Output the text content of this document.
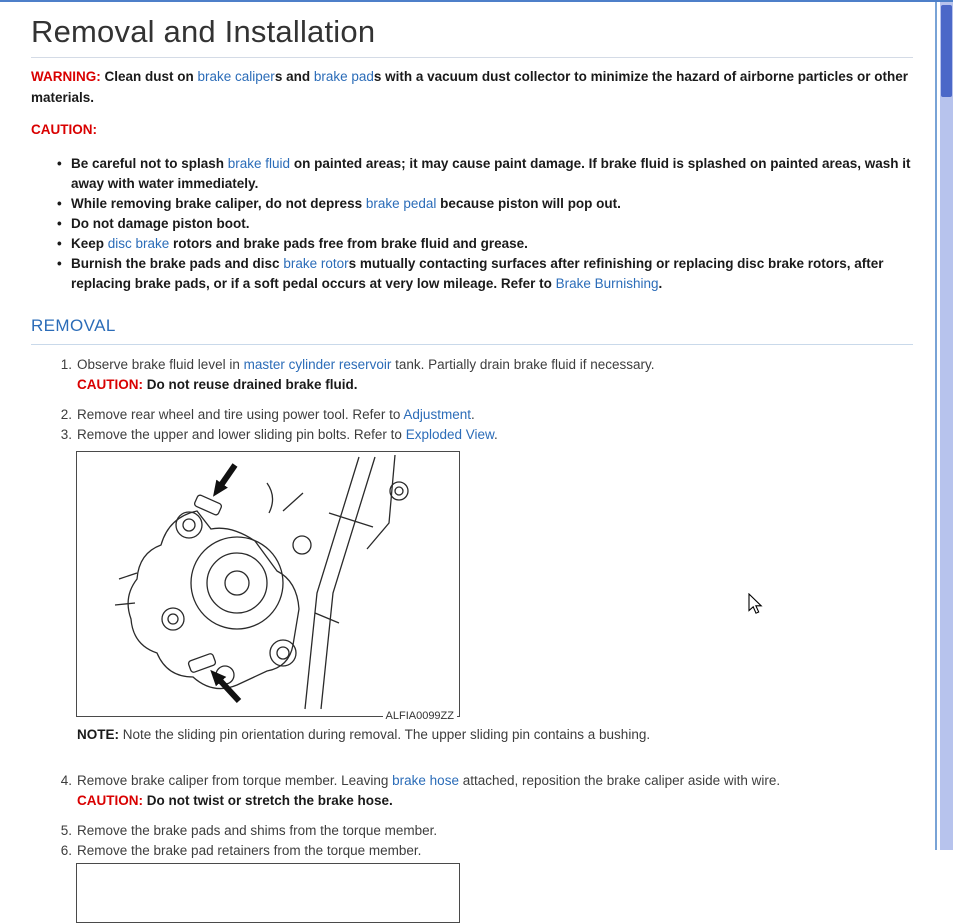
Removal and Installation

WARNING: Clean dust on brake calipers and brake pads with a vacuum dust collector to minimize the hazard of airborne particles or other materials.

CAUTION:

• Be careful not to splash brake fluid on painted areas; it may cause paint damage. If brake fluid is splashed on painted areas, wash it away with water immediately.
• While removing brake caliper, do not depress brake pedal because piston will pop out.
• Do not damage piston boot.
• Keep disc brake rotors and brake pads free from brake fluid and grease.
• Burnish the brake pads and disc brake rotors mutually contacting surfaces after refinishing or replacing disc brake rotors, after replacing brake pads, or if a soft pedal occurs at very low mileage. Refer to Brake Burnishing.
REMOVAL
1. Observe brake fluid level in master cylinder reservoir tank. Partially drain brake fluid if necessary.
CAUTION: Do not reuse drained brake fluid.
2. Remove rear wheel and tire using power tool. Refer to Adjustment.
3. Remove the upper and lower sliding pin bolts. Refer to Exploded View.
ALFIA0099ZZ

NOTE: Note the sliding pin orientation during removal. The upper sliding pin contains a bushing.

4. Remove brake caliper from torque member. Leaving brake hose attached, reposition the brake caliper aside with wire.
CAUTION: Do not twist or stretch the brake hose.
5. Remove the brake pads and shims from the torque member.
6. Remove the brake pad retainers from the torque member.
